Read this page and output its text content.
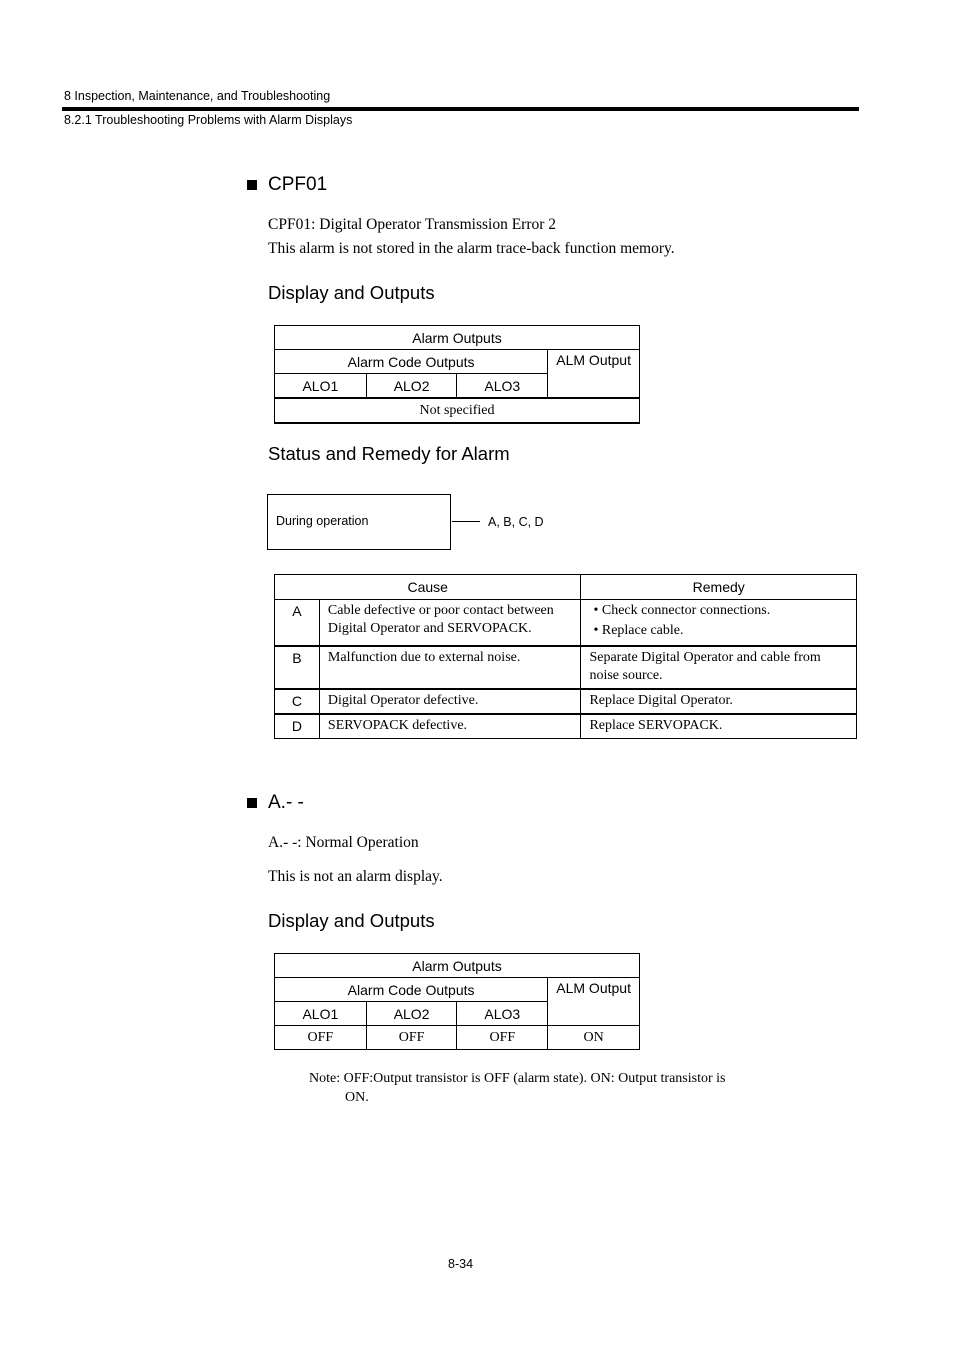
8 Inspection, Maintenance, and Troubleshooting
8.2.1 Troubleshooting Problems with Alarm Displays
CPF01
CPF01: Digital Operator Transmission Error 2
This alarm is not stored in the alarm trace-back function memory.
Display and Outputs
Alarm Outputs			
Alarm Code Outputs			ALM Output
ALO1	ALO2	ALO3	
Not specified			
Status and Remedy for Alarm
During operation	A, B, C, D
Cause		Remedy
A	Cable defective or poor contact between Digital Operator and SERVOPACK.	• Check connector connections.
• Replace cable.

B	Malfunction due to external noise.	Separate Digital Operator and cable from noise source.
C	Digital Operator defective.	Replace Digital Operator.
D	SERVOPACK defective.	Replace SERVOPACK.
A.- -
A.- -: Normal Operation
This is not an alarm display.
Display and Outputs
Alarm Outputs			
Alarm Code Outputs			ALM Output
ALO1	ALO2	ALO3	
OFF	OFF	OFF	ON
Note: OFF:Output transistor is OFF (alarm state). ON: Output transistor is
ON.
8-34
